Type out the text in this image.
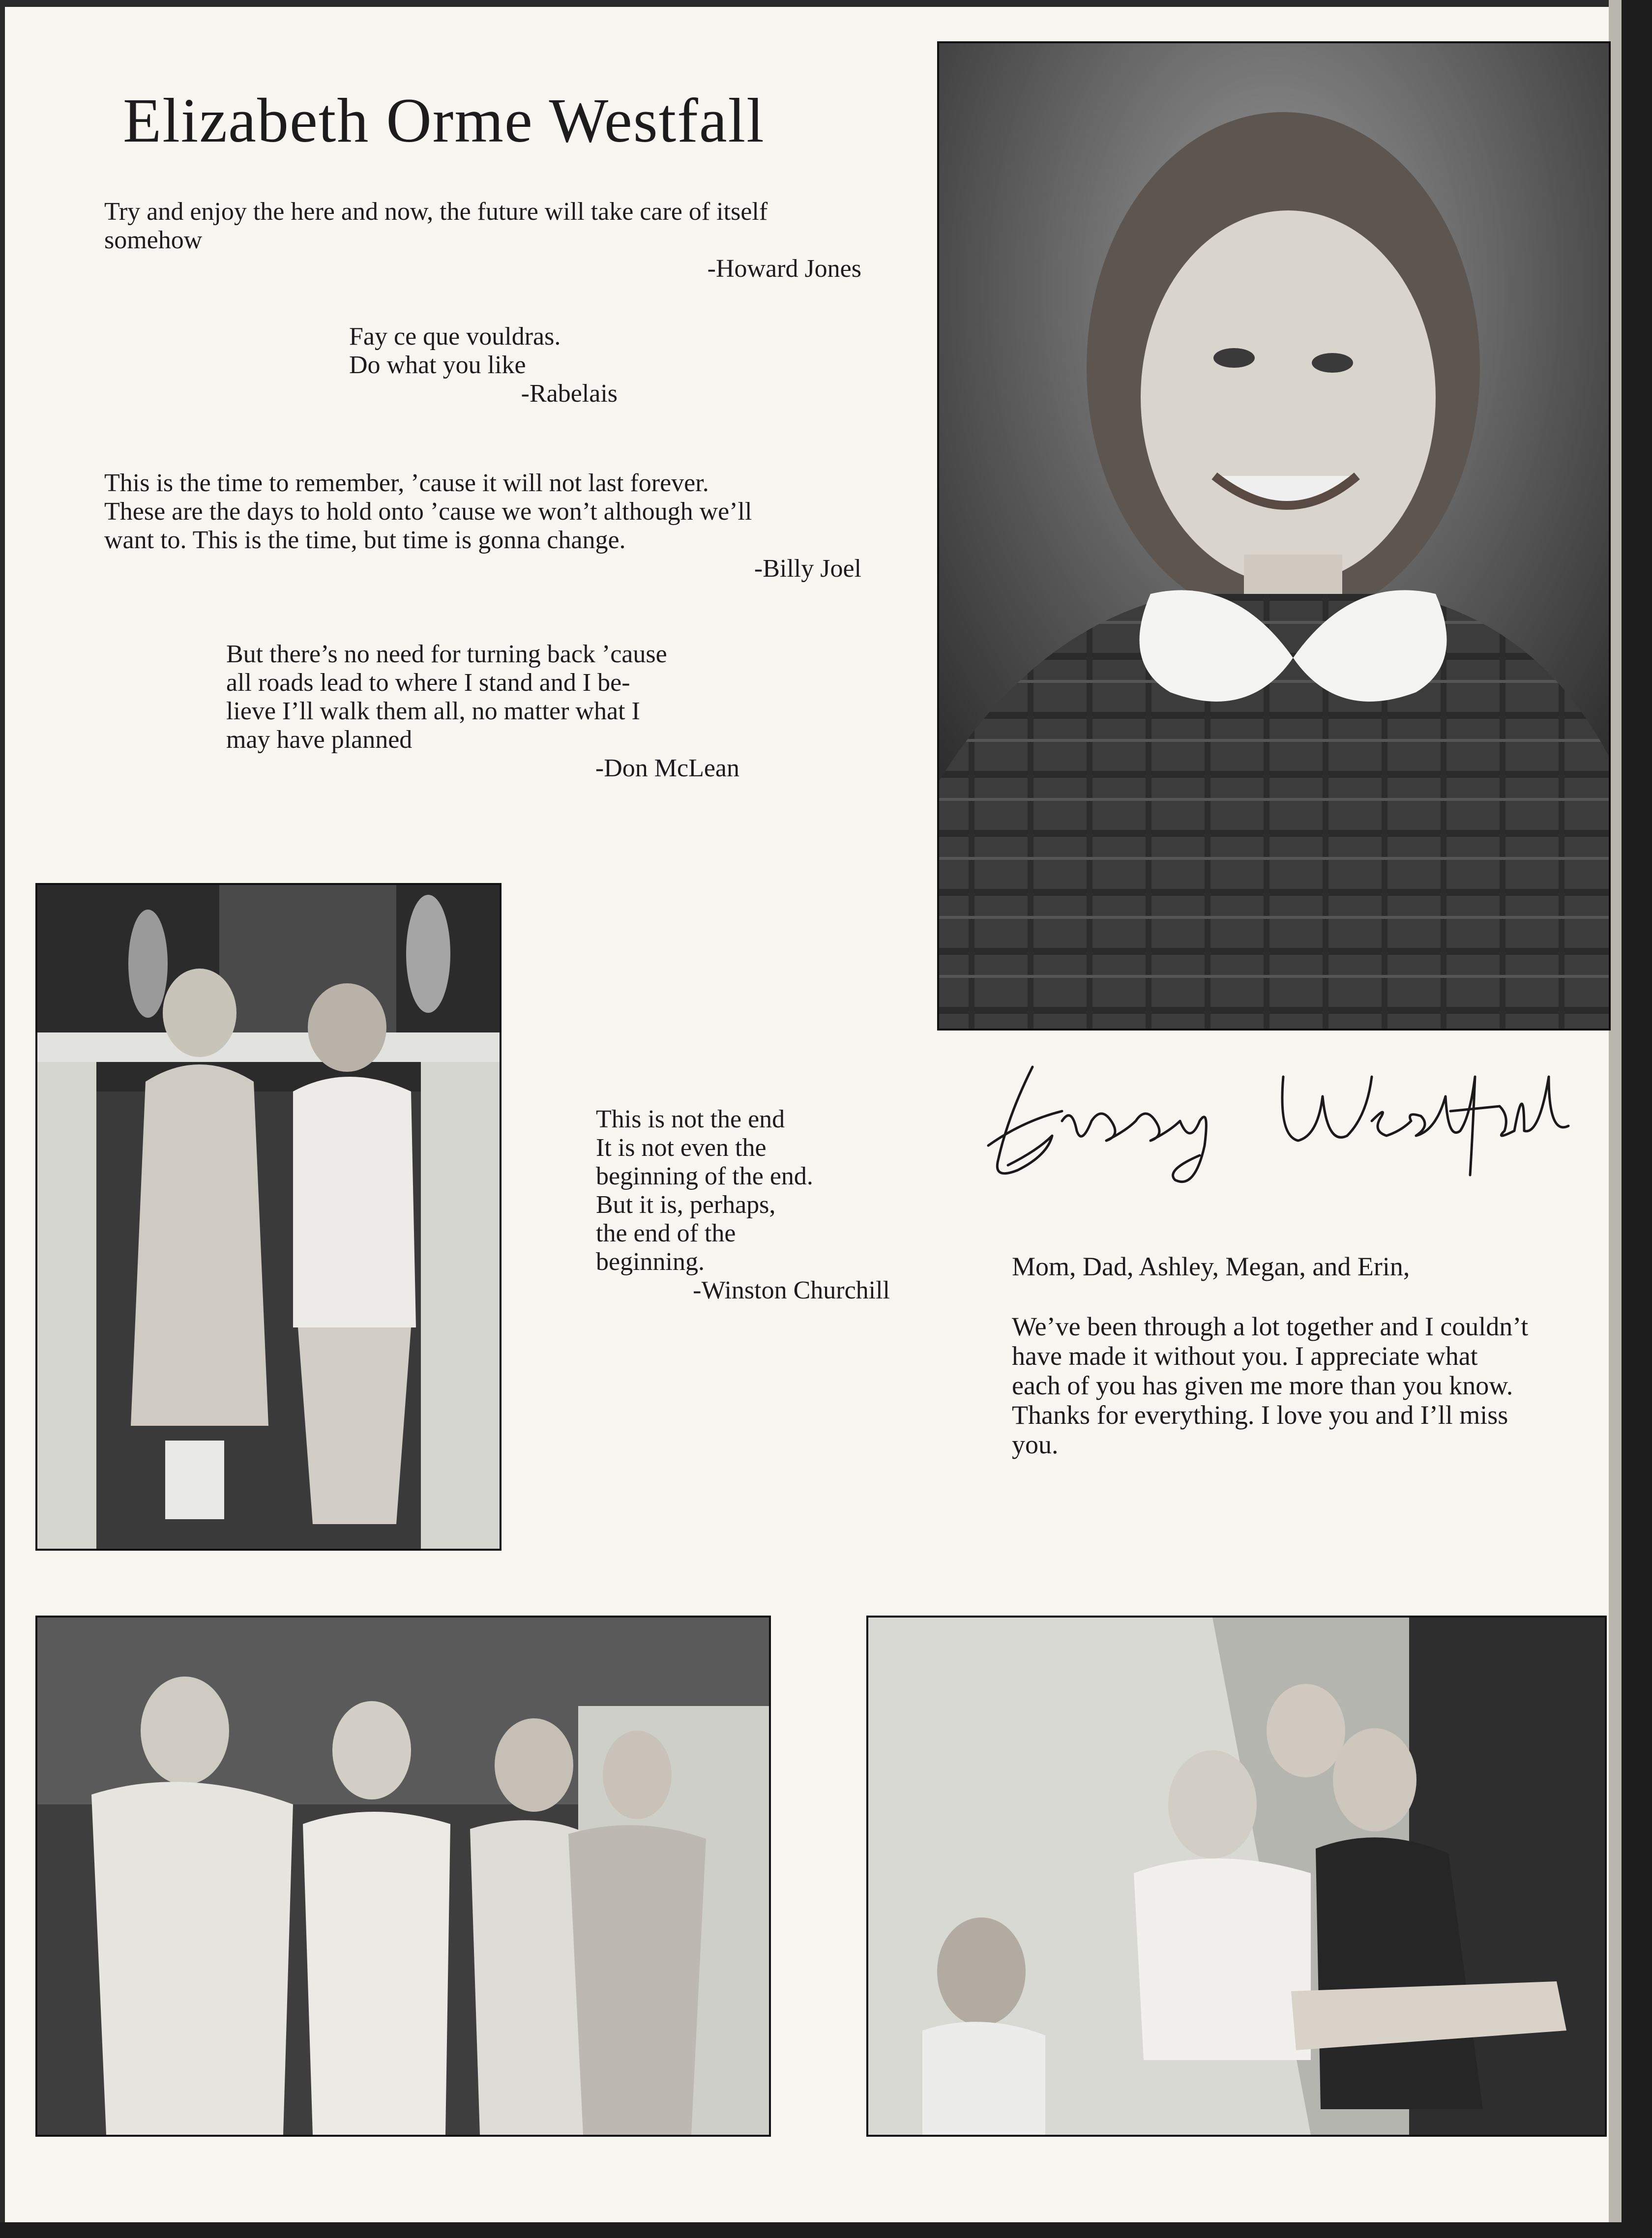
Elizabeth Orme Westfall
Try and enjoy the here and now, the future will take care of itself
somehow
-Howard Jones
Fay ce que vouldras.
Do what you like
-Rabelais
This is the time to remember, ’cause it will not last forever.
These are the days to hold onto ’cause we won’t although we’ll
want to. This is the time, but time is gonna change.
-Billy Joel
But there’s no need for turning back ’cause
all roads lead to where I stand and I be-
lieve I’ll walk them all, no matter what I
may have planned
-Don McLean
This is not the end
It is not even the
beginning of the end.
But it is, perhaps,
the end of the
beginning.
-Winston Churchill
Mom, Dad, Ashley, Megan, and Erin,
We’ve been through a lot together and I couldn’t have made it without you. I appreciate what each of you has given me more than you know. Thanks for everything. I love you and I’ll miss you.
